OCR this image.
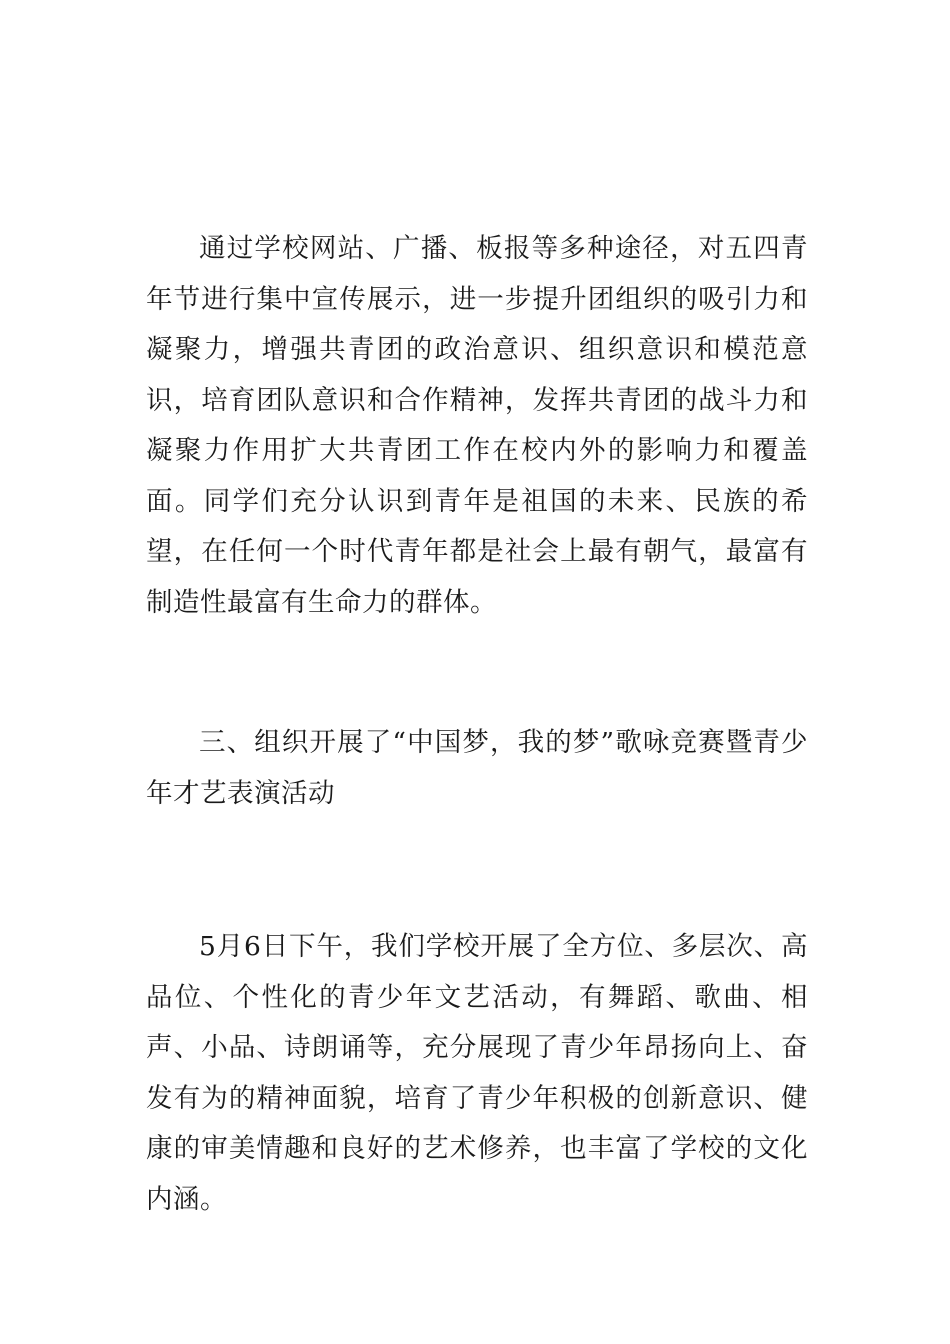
通过学校网站、广播、板报等多种途径，对五四青年节进行集中宣传展示，进一步提升团组织的吸引力和凝聚力，增强共青团的政治意识、组织意识和模范意识，培育团队意识和合作精神，发挥共青团的战斗力和凝聚力作用扩大共青团工作在校内外的影响力和覆盖面。同学们充分认识到青年是祖国的未来、民族的希望，在任何一个时代青年都是社会上最有朝气，最富有制造性最富有生命力的群体。

三、组织开展了“中国梦，我的梦”歌咏竞赛暨青少年才艺表演活动

5月6日下午，我们学校开展了全方位、多层次、高品位、个性化的青少年文艺活动，有舞蹈、歌曲、相声、小品、诗朗诵等，充分展现了青少年昂扬向上、奋发有为的精神面貌，培育了青少年积极的创新意识、健康的审美情趣和良好的艺术修养，也丰富了学校的文化内涵。
